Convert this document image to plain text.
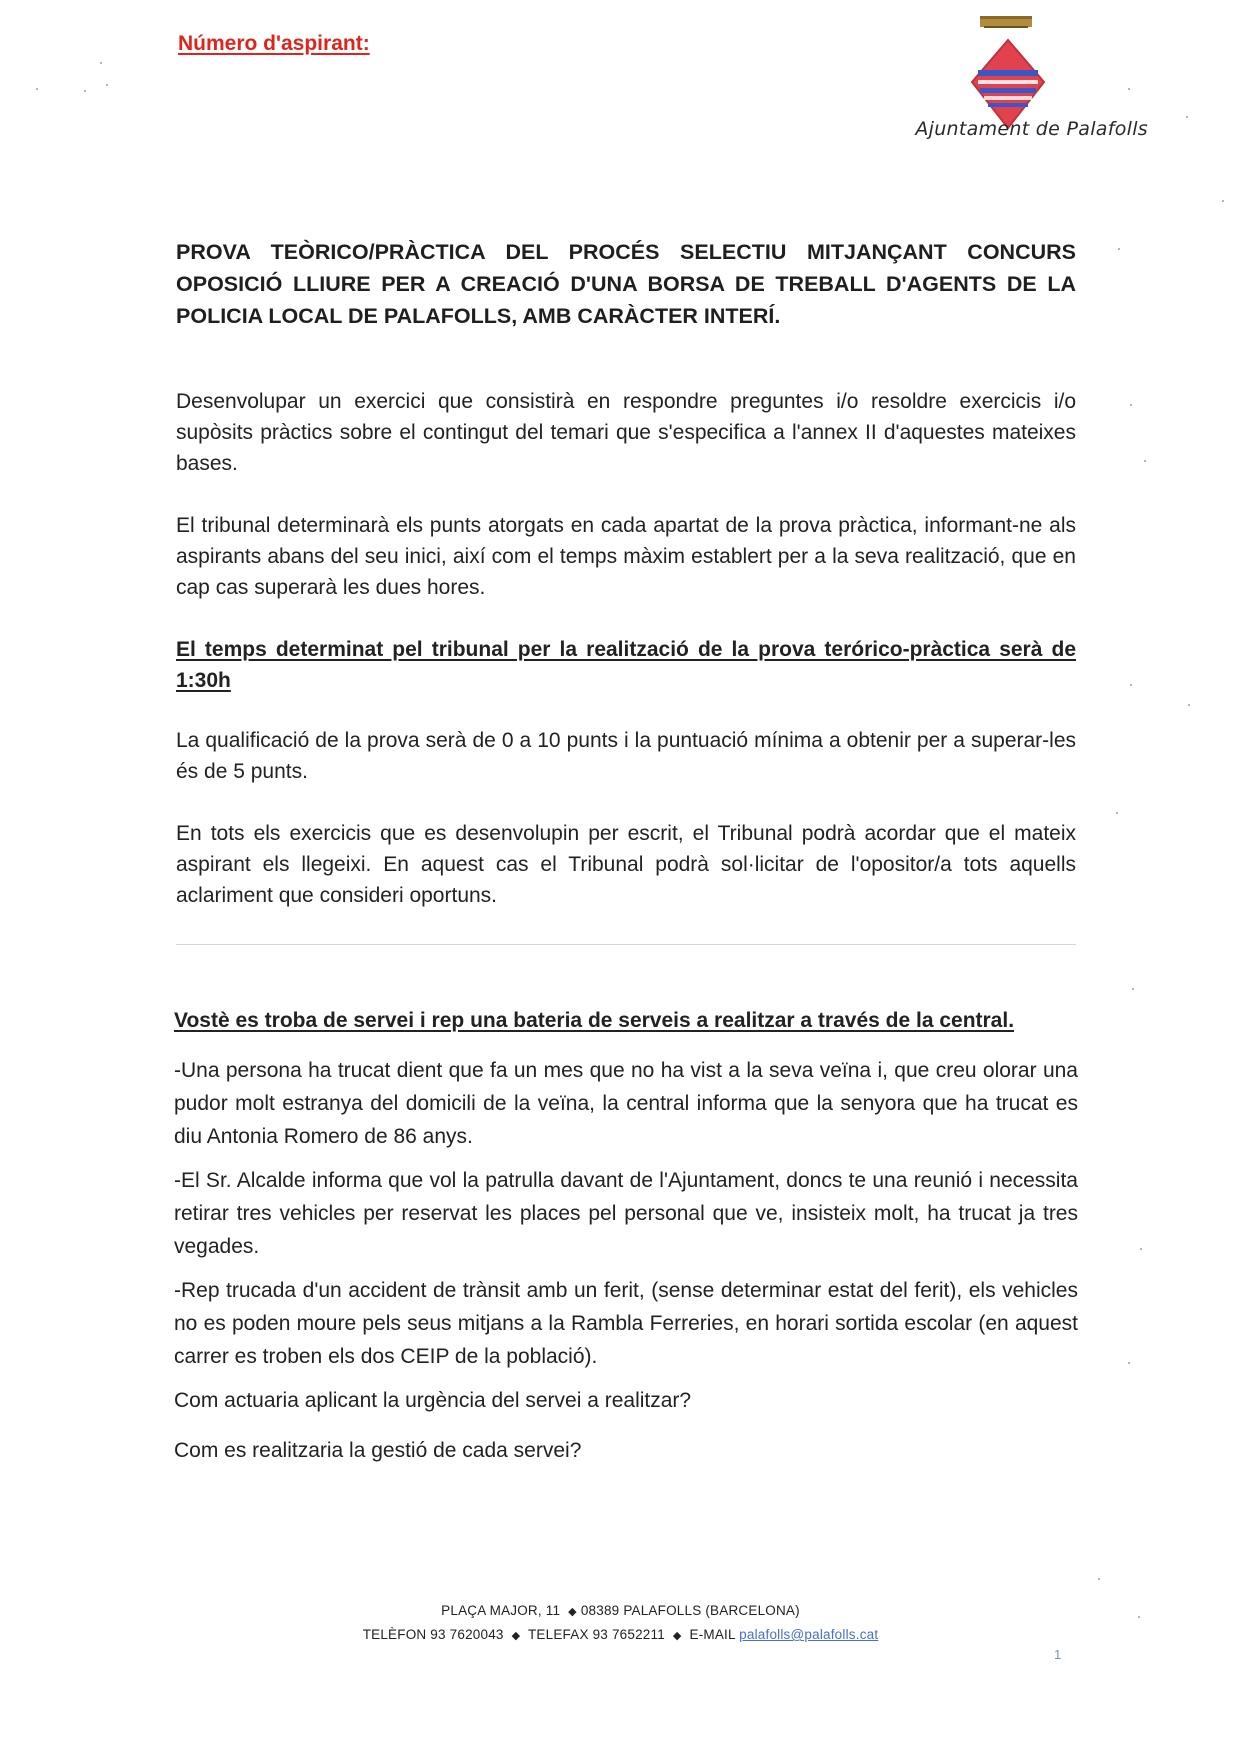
Número d'aspirant:
Ajuntament de Palafolls
PROVA TEÒRICO/PRÀCTICA DEL PROCÉS SELECTIU MITJANÇANT CONCURS OPOSICIÓ LLIURE PER A CREACIÓ D'UNA BORSA DE TREBALL D'AGENTS DE LA POLICIA LOCAL DE PALAFOLLS, AMB CARÀCTER INTERÍ.
Desenvolupar un exercici que consistirà en respondre preguntes i/o resoldre exercicis i/o supòsits pràctics sobre el contingut del temari que s'especifica a l'annex II d'aquestes mateixes bases.
El tribunal determinarà els punts atorgats en cada apartat de la prova pràctica, informant-ne als aspirants abans del seu inici, així com el temps màxim establert per a la seva realització, que en cap cas superarà les dues hores.
El temps determinat pel tribunal per la realització de la prova terórico-pràctica serà de 1:30h
La qualificació de la prova serà de 0 a 10 punts i la puntuació mínima a obtenir per a superar-les és de 5 punts.
En tots els exercicis que es desenvolupin per escrit, el Tribunal podrà acordar que el mateix aspirant els llegeixi. En aquest cas el Tribunal podrà sol·licitar de l'opositor/a tots aquells aclariment que consideri oportuns.
Vostè es troba de servei i rep una bateria de serveis a realitzar a través de la central.
-Una persona ha trucat dient que fa un mes que no ha vist a la seva veïna i, que creu olorar una pudor molt estranya del domicili de la veïna, la central informa que la senyora que ha trucat es diu Antonia Romero de 86 anys.
-El Sr. Alcalde informa que vol la patrulla davant de l'Ajuntament, doncs te una reunió i necessita retirar tres vehicles per reservat les places pel personal que ve, insisteix molt, ha trucat ja tres vegades.
-Rep trucada d'un accident de trànsit amb un ferit, (sense determinar estat del ferit), els vehicles no es poden moure pels seus mitjans a la Rambla Ferreries, en horari sortida escolar (en aquest carrer es troben els dos CEIP de la població).
Com actuaria aplicant la urgència del servei a realitzar?
Com es realitzaria la gestió de cada servei?
PLAÇA MAJOR, 11 ◆ 08389 PALAFOLLS (BARCELONA)
TELÈFON 93 7620043 ◆ TELEFAX 93 7652211 ◆ E-MAIL palafolls@palafolls.cat
1
